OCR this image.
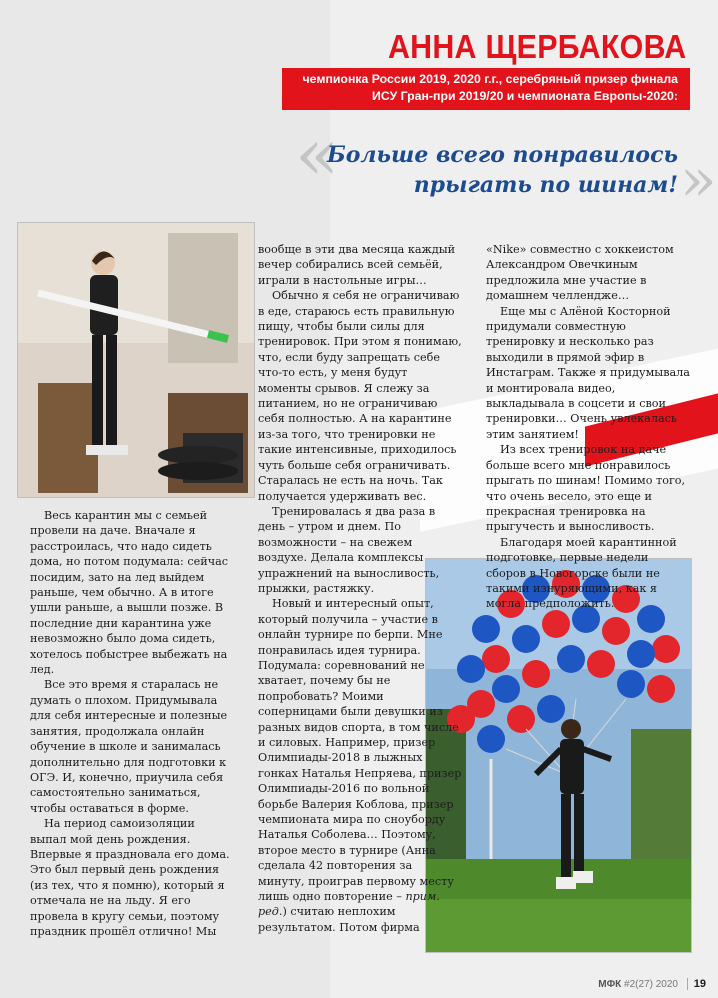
АННА ЩЕРБАКОВА
чемпионка России 2019, 2020 г.г., серебряный призер финала
ИСУ Гран-при 2019/20 и чемпионата Европы-2020:
«
Больше всего понравилось
прыгать по шинам! »

Весь карантин мы с семьей провели на даче. Вначале я расстроилась, что надо сидеть дома, но потом подумала: сейчас посидим, зато на лед выйдем раньше, чем обычно. А в итоге ушли раньше, а вышли позже. В последние дни карантина уже невозможно было дома сидеть, хотелось побыстрее выбежать на лед.

Все это время я старалась не думать о плохом. Придумывала для себя интересные и полезные занятия, продолжала онлайн обучение в школе и занималась дополнительно для подготовки к ОГЭ. И, конечно, приучила себя самостоятельно заниматься, чтобы оставаться в форме.

На период самоизоляции выпал мой день рождения. Впервые я праздновала его дома. Это был первый день рождения (из тех, что я помню), который я отмечала не на льду. Я его провела в кругу семьи, поэтому праздник прошёл отлично! Мы вообще в эти два месяца каждый вечер собирались всей семьёй, играли в настольные игры…

Обычно я себя не ограничиваю в еде, стараюсь есть правильную пищу, чтобы были силы для тренировок. При этом я понимаю, что, если буду запрещать себе что-то есть, у меня будут моменты срывов. Я слежу за питанием, но не ограничиваю себя полностью. А на карантине из-за того, что тренировки не такие интенсивные, приходилось чуть больше себя ограничивать. Старалась не есть на ночь. Так получается удерживать вес.

Тренировалась я два раза в день – утром и днем. По возможности – на свежем воздухе. Делала комплексы упражнений на выносливость, прыжки, растяжку.

Новый и интересный опыт, который получила – участие в онлайн турнире по берпи. Мне понравилась идея турнира. Подумала: соревнований не хватает, почему бы не попробовать? Моими соперницами были девушки из разных видов спорта, в том числе и силовых. Например, призер Олимпиады-2018 в лыжных гонках Наталья Непряева, призер Олимпиады-2016 по вольной борьбе Валерия Коблова, призер чемпионата мира по сноуборду Наталья Соболева… Поэтому, второе место в турнире (Анна сделала 42 повторения за минуту, проиграв первому месту лишь одно повторение – прим. ред.) считаю неплохим результатом. Потом фирма «Nike» совместно с хоккеистом Александром Овечкиным предложила мне участие в домашнем челлендже…

Еще мы с Алёной Косторной придумали совместную тренировку и несколько раз выходили в прямой эфир в Инстаграм. Также я придумывала и монтировала видео, выкладывала в соцсети и свои тренировки… Очень увлекалась этим занятием!

Из всех тренировок на даче больше всего мне понравилось прыгать по шинам! Помимо того, что очень весело, это еще и прекрасная тренировка на прыгучесть и выносливость.

Благодаря моей карантинной подготовке, первые недели сборов в Новогорске были не такими изнуряющими, как я могла предположить.

МФК #2(27) 2020 19
